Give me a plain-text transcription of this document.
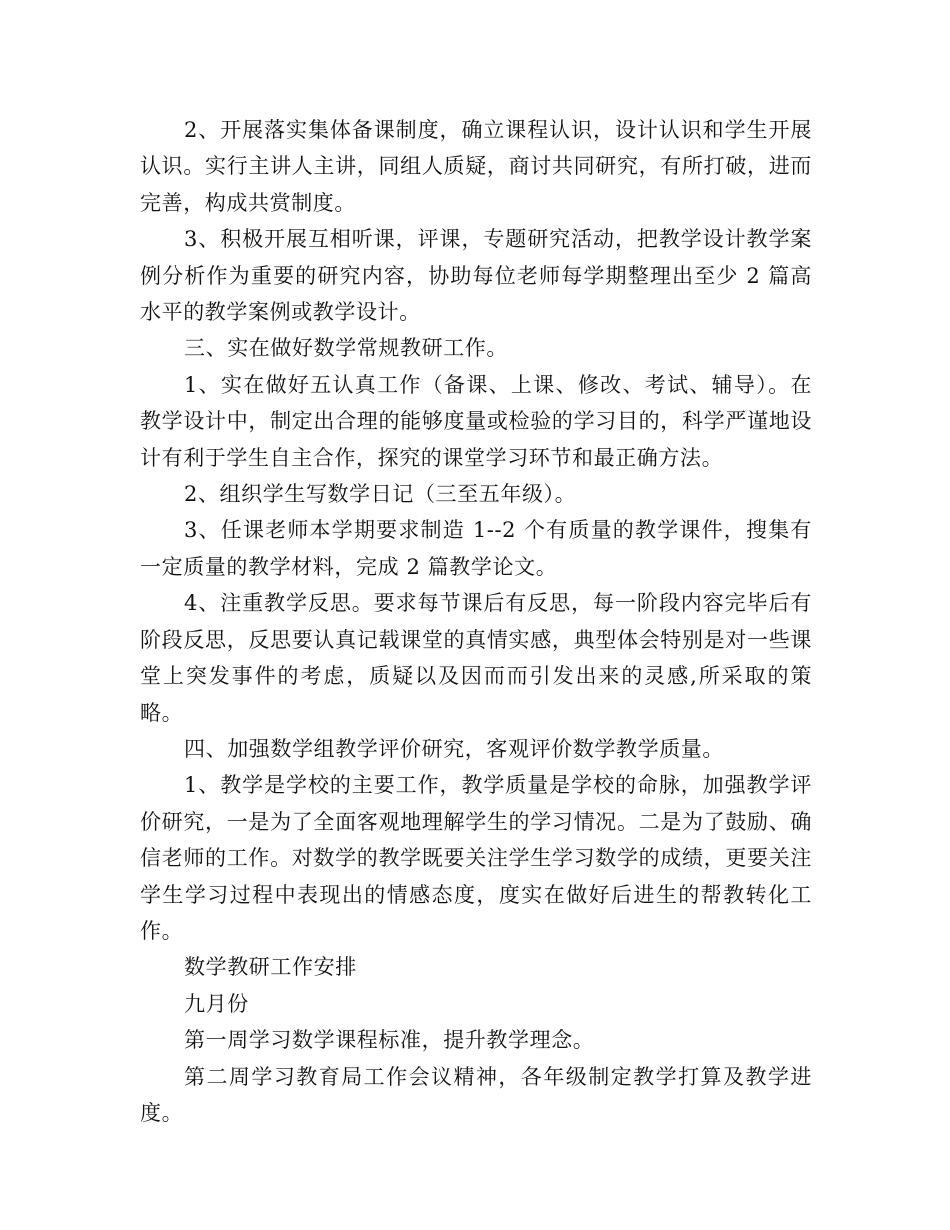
2、开展落实集体备课制度，确立课程认识，设计认识和学生开展认识。实行主讲人主讲，同组人质疑，商讨共同研究，有所打破，进而完善，构成共赏制度。

3、积极开展互相听课，评课，专题研究活动，把教学设计教学案例分析作为重要的研究内容，协助每位老师每学期整理出至少 2 篇高水平的教学案例或教学设计。

三、实在做好数学常规教研工作。

1、实在做好五认真工作（备课、上课、修改、考试、辅导）。在教学设计中，制定出合理的能够度量或检验的学习目的，科学严谨地设计有利于学生自主合作，探究的课堂学习环节和最正确方法。

2、组织学生写数学日记（三至五年级）。

3、任课老师本学期要求制造 1--2 个有质量的教学课件，搜集有一定质量的教学材料，完成 2 篇教学论文。

4、注重教学反思。要求每节课后有反思，每一阶段内容完毕后有阶段反思，反思要认真记载课堂的真情实感，典型体会特别是对一些课堂上突发事件的考虑，质疑以及因而而引发出来的灵感,所采取的策略。

四、加强数学组教学评价研究，客观评价数学教学质量。

1、教学是学校的主要工作，教学质量是学校的命脉，加强教学评价研究，一是为了全面客观地理解学生的学习情况。二是为了鼓励、确信老师的工作。对数学的教学既要关注学生学习数学的成绩，更要关注学生学习过程中表现出的情感态度，度实在做好后进生的帮教转化工作。

数学教研工作安排

九月份

第一周学习数学课程标准，提升教学理念。

第二周学习教育局工作会议精神，各年级制定教学打算及教学进度。
